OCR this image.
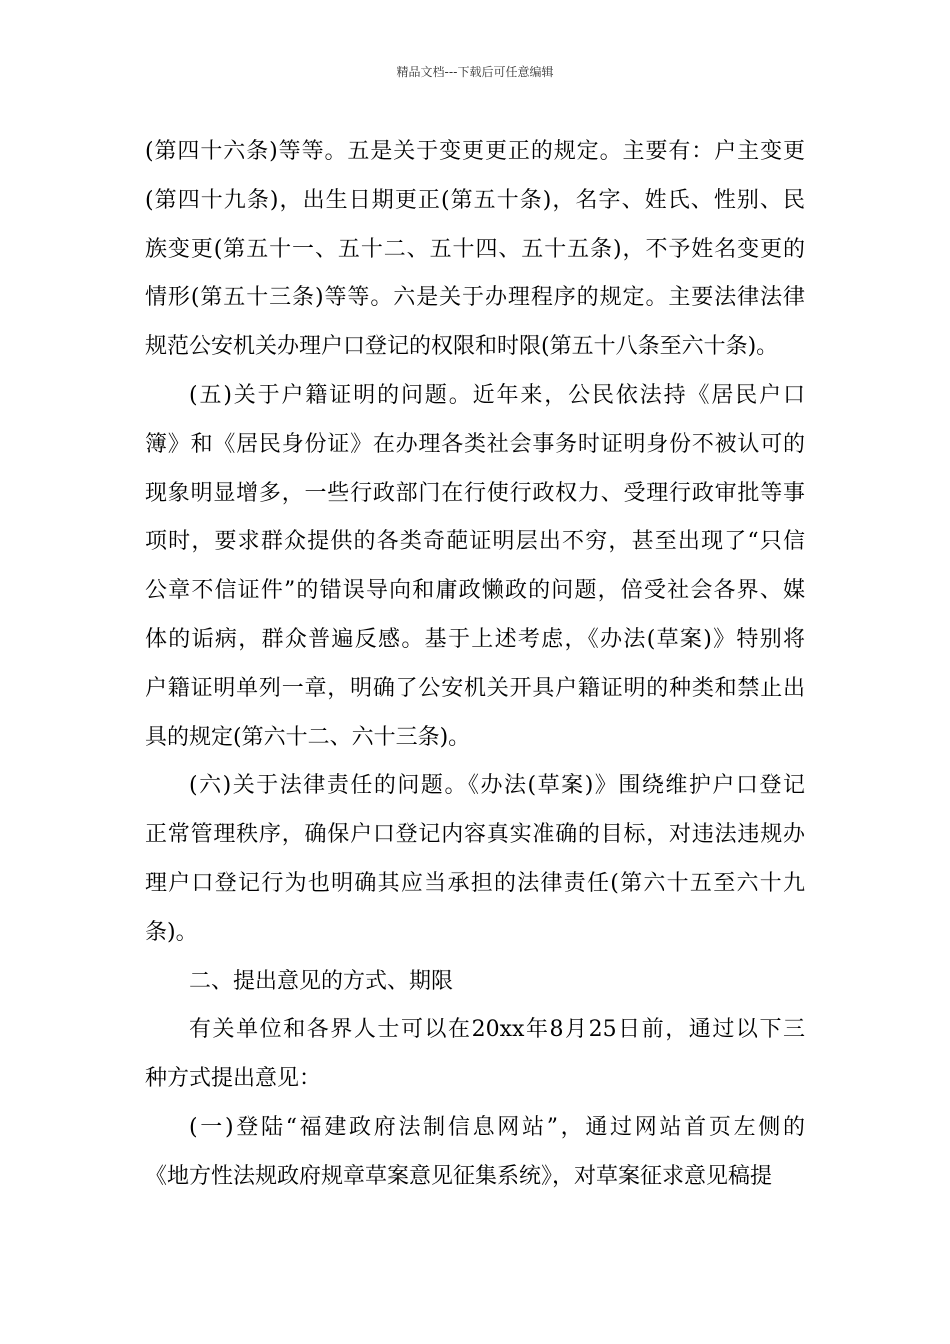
精品文档---下载后可任意编辑
(第四十六条)等等。五是关于变更更正的规定。主要有：户主变更
(第四十九条)，出生日期更正(第五十条)，名字、姓氏、性别、民
族变更(第五十一、五十二、五十四、五十五条)，不予姓名变更的
情形(第五十三条)等等。六是关于办理程序的规定。主要法律法律
规范公安机关办理户口登记的权限和时限(第五十八条至六十条)。
(五)关于户籍证明的问题。近年来，公民依法持《居民户口
簿》和《居民身份证》在办理各类社会事务时证明身份不被认可的
现象明显增多，一些行政部门在行使行政权力、受理行政审批等事
项时，要求群众提供的各类奇葩证明层出不穷，甚至出现了“只信
公章不信证件”的错误导向和庸政懒政的问题，倍受社会各界、媒
体的诟病，群众普遍反感。基于上述考虑，《办法(草案)》特别将
户籍证明单列一章，明确了公安机关开具户籍证明的种类和禁止出
具的规定(第六十二、六十三条)。
(六)关于法律责任的问题。《办法(草案)》围绕维护户口登记
正常管理秩序，确保户口登记内容真实准确的目标，对违法违规办
理户口登记行为也明确其应当承担的法律责任(第六十五至六十九
条)。
二、提出意见的方式、期限
有关单位和各界人士可以在20xx年8月25日前，通过以下三
种方式提出意见：
(一)登陆“福建政府法制信息网站”，通过网站首页左侧的
《地方性法规政府规章草案意见征集系统》，对草案征求意见稿提
